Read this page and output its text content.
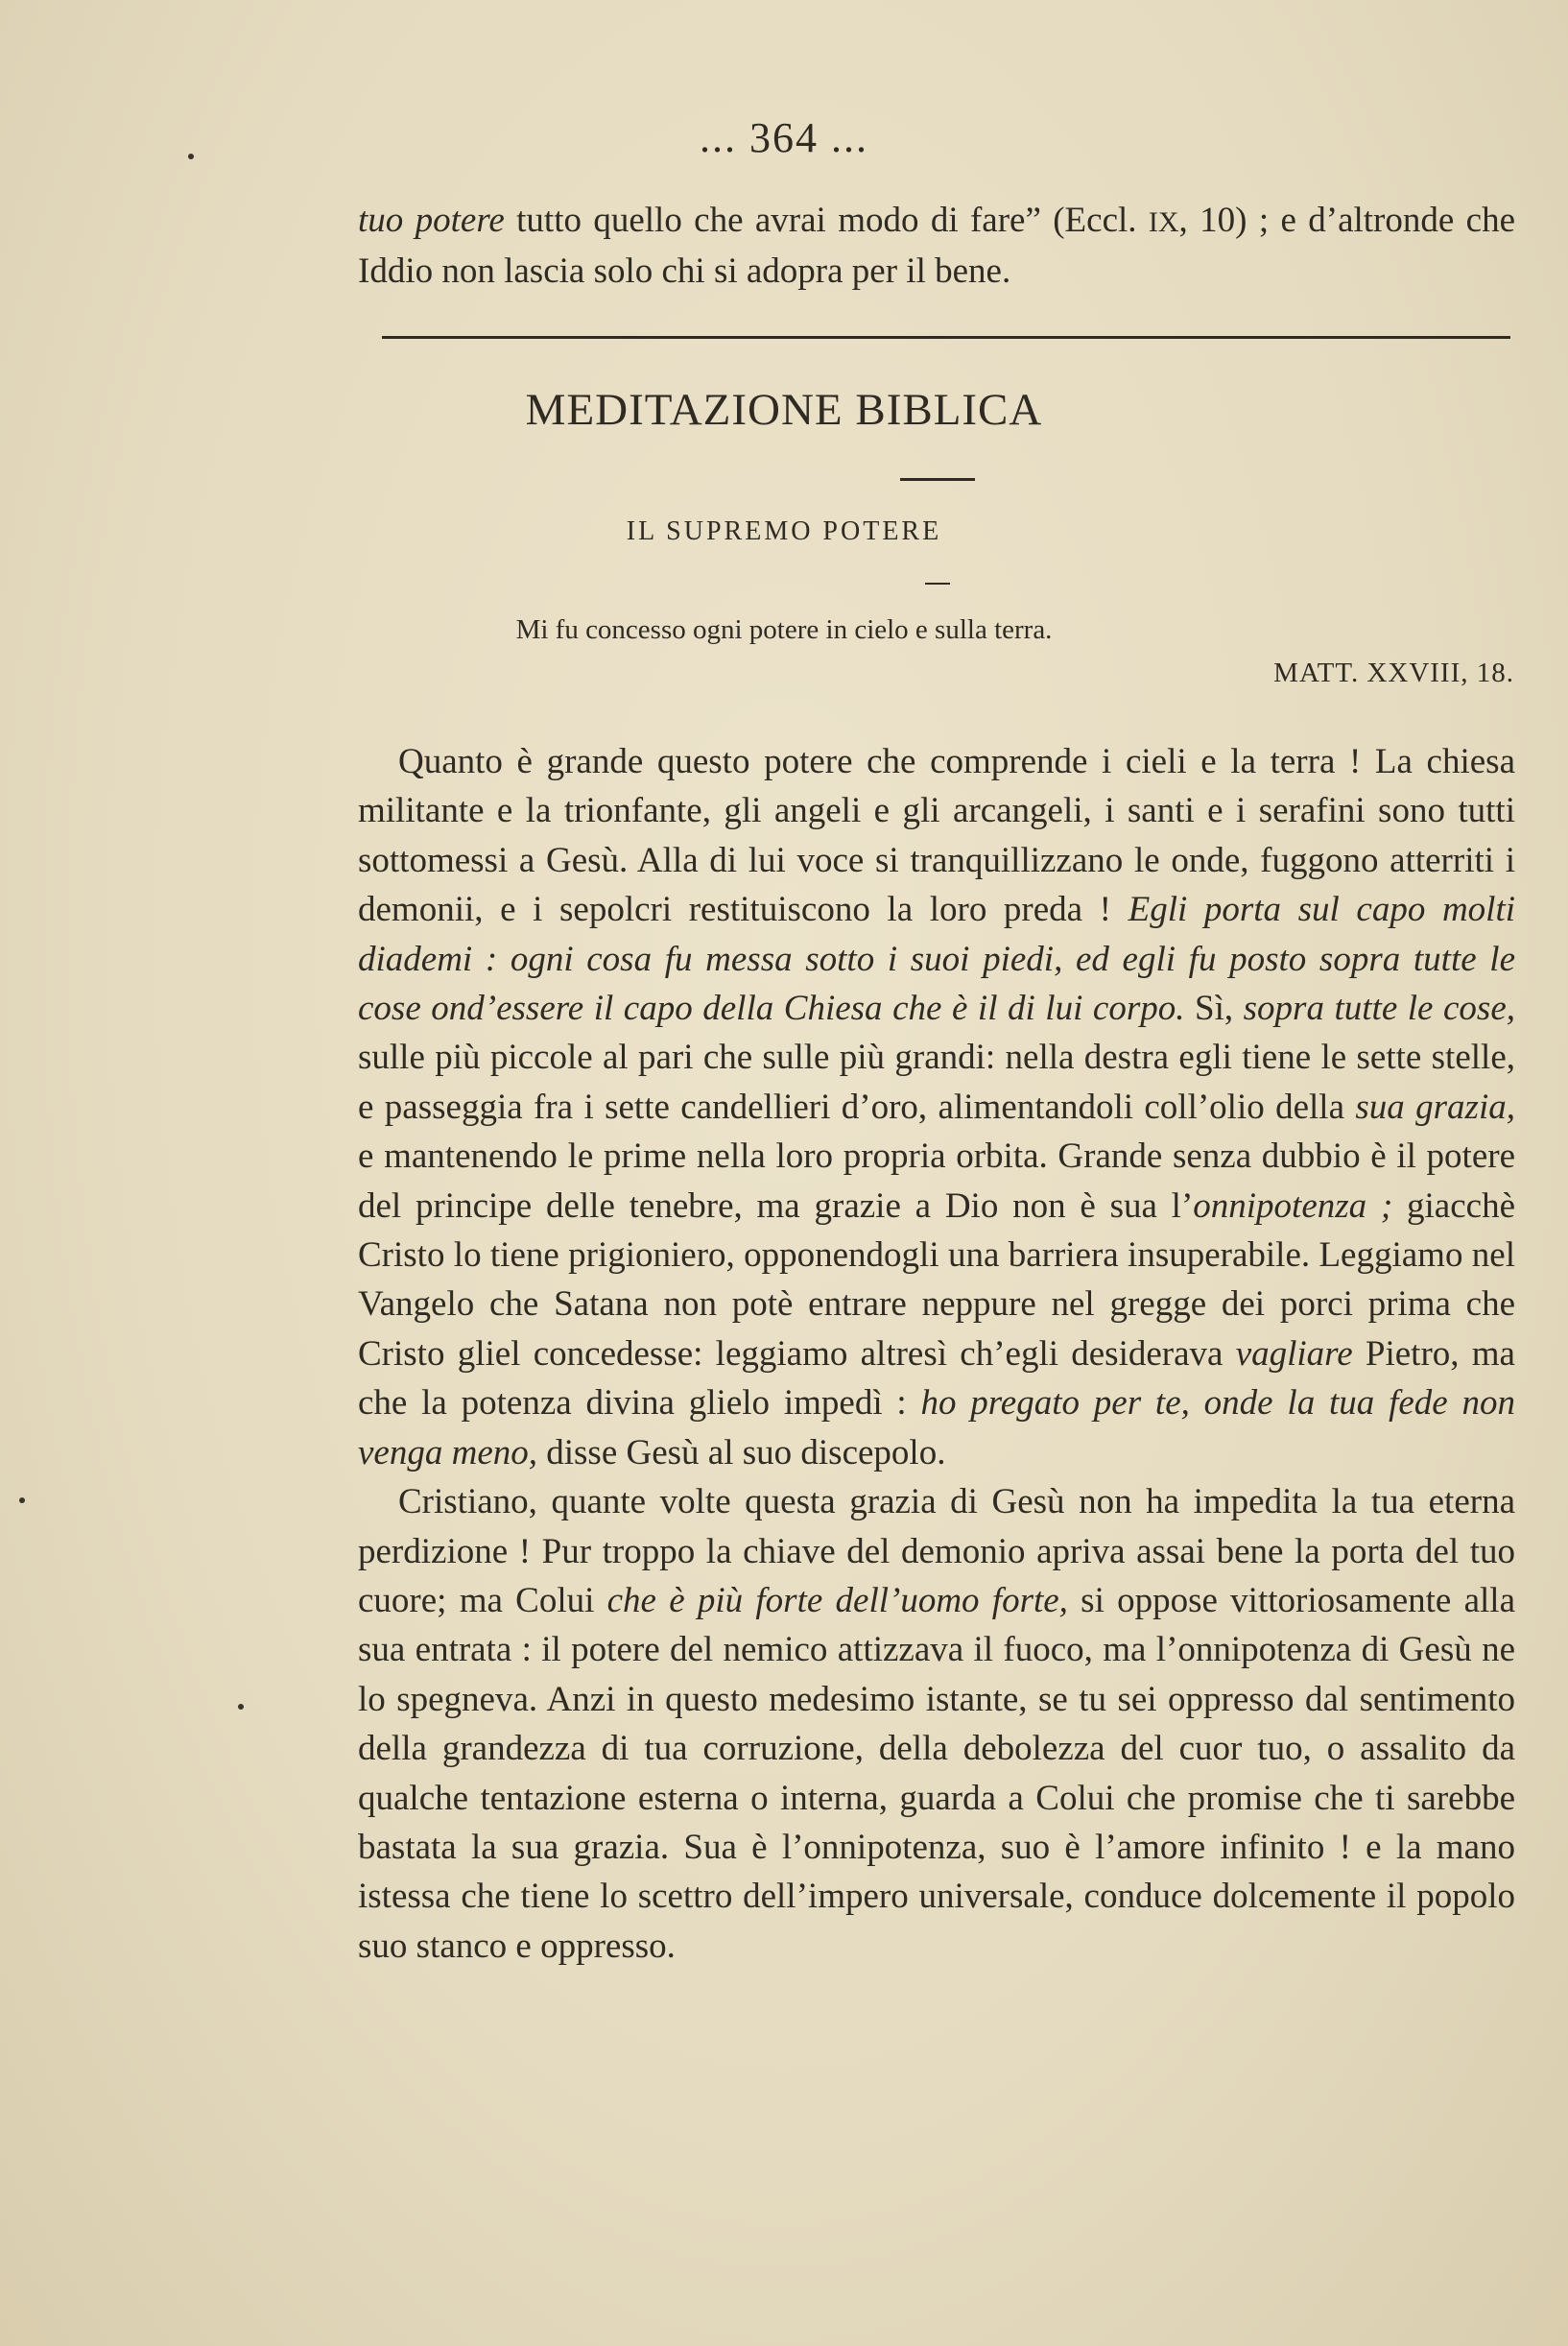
... 364 ...

tuo potere tutto quello che avrai modo di fare” (Eccl. IX, 10) ; e d’altronde che Iddio non lascia solo chi si adopra per il bene.

MEDITAZIONE BIBLICA
IL SUPREMO POTERE
Mi fu concesso ogni potere in cielo e sulla terra.
MATT. XXVIII, 18.

Quanto è grande questo potere che comprende i cieli e la terra ! La chiesa militante e la trionfante, gli angeli e gli arcangeli, i santi e i serafini sono tutti sottomessi a Gesù. Alla di lui voce si tranquillizzano le onde, fuggono atterriti i demonii, e i sepolcri restituiscono la loro preda ! Egli porta sul capo molti diademi : ogni cosa fu messa sotto i suoi piedi, ed egli fu posto sopra tutte le cose ond’essere il capo della Chiesa che è il di lui corpo. Sì, sopra tutte le cose, sulle più piccole al pari che sulle più grandi: nella destra egli tiene le sette stelle, e passeggia fra i sette candellieri d’oro, alimentandoli coll’olio della sua grazia, e mantenendo le prime nella loro propria orbita. Grande senza dubbio è il potere del principe delle tenebre, ma grazie a Dio non è sua l’onnipotenza ; giacchè Cristo lo tiene prigioniero, opponendogli una barriera insuperabile. Leggiamo nel Vangelo che Satana non potè entrare neppure nel gregge dei porci prima che Cristo gliel concedesse: leggiamo altresì ch’egli desiderava vagliare Pietro, ma che la potenza divina glielo impedì : ho pregato per te, onde la tua fede non venga meno, disse Gesù al suo discepolo.

Cristiano, quante volte questa grazia di Gesù non ha impedita la tua eterna perdizione ! Pur troppo la chiave del demonio apriva assai bene la porta del tuo cuore; ma Colui che è più forte dell’uomo forte, si oppose vittoriosamente alla sua entrata : il potere del nemico attizzava il fuoco, ma l’onnipotenza di Gesù ne lo spegneva. Anzi in questo medesimo istante, se tu sei oppresso dal sentimento della grandezza di tua corruzione, della debolezza del cuor tuo, o assalito da qualche tentazione esterna o interna, guarda a Colui che promise che ti sarebbe bastata la sua grazia. Sua è l’onnipotenza, suo è l’amore infinito ! e la mano istessa che tiene lo scettro dell’impero universale, conduce dolcemente il popolo suo stanco e oppresso.
